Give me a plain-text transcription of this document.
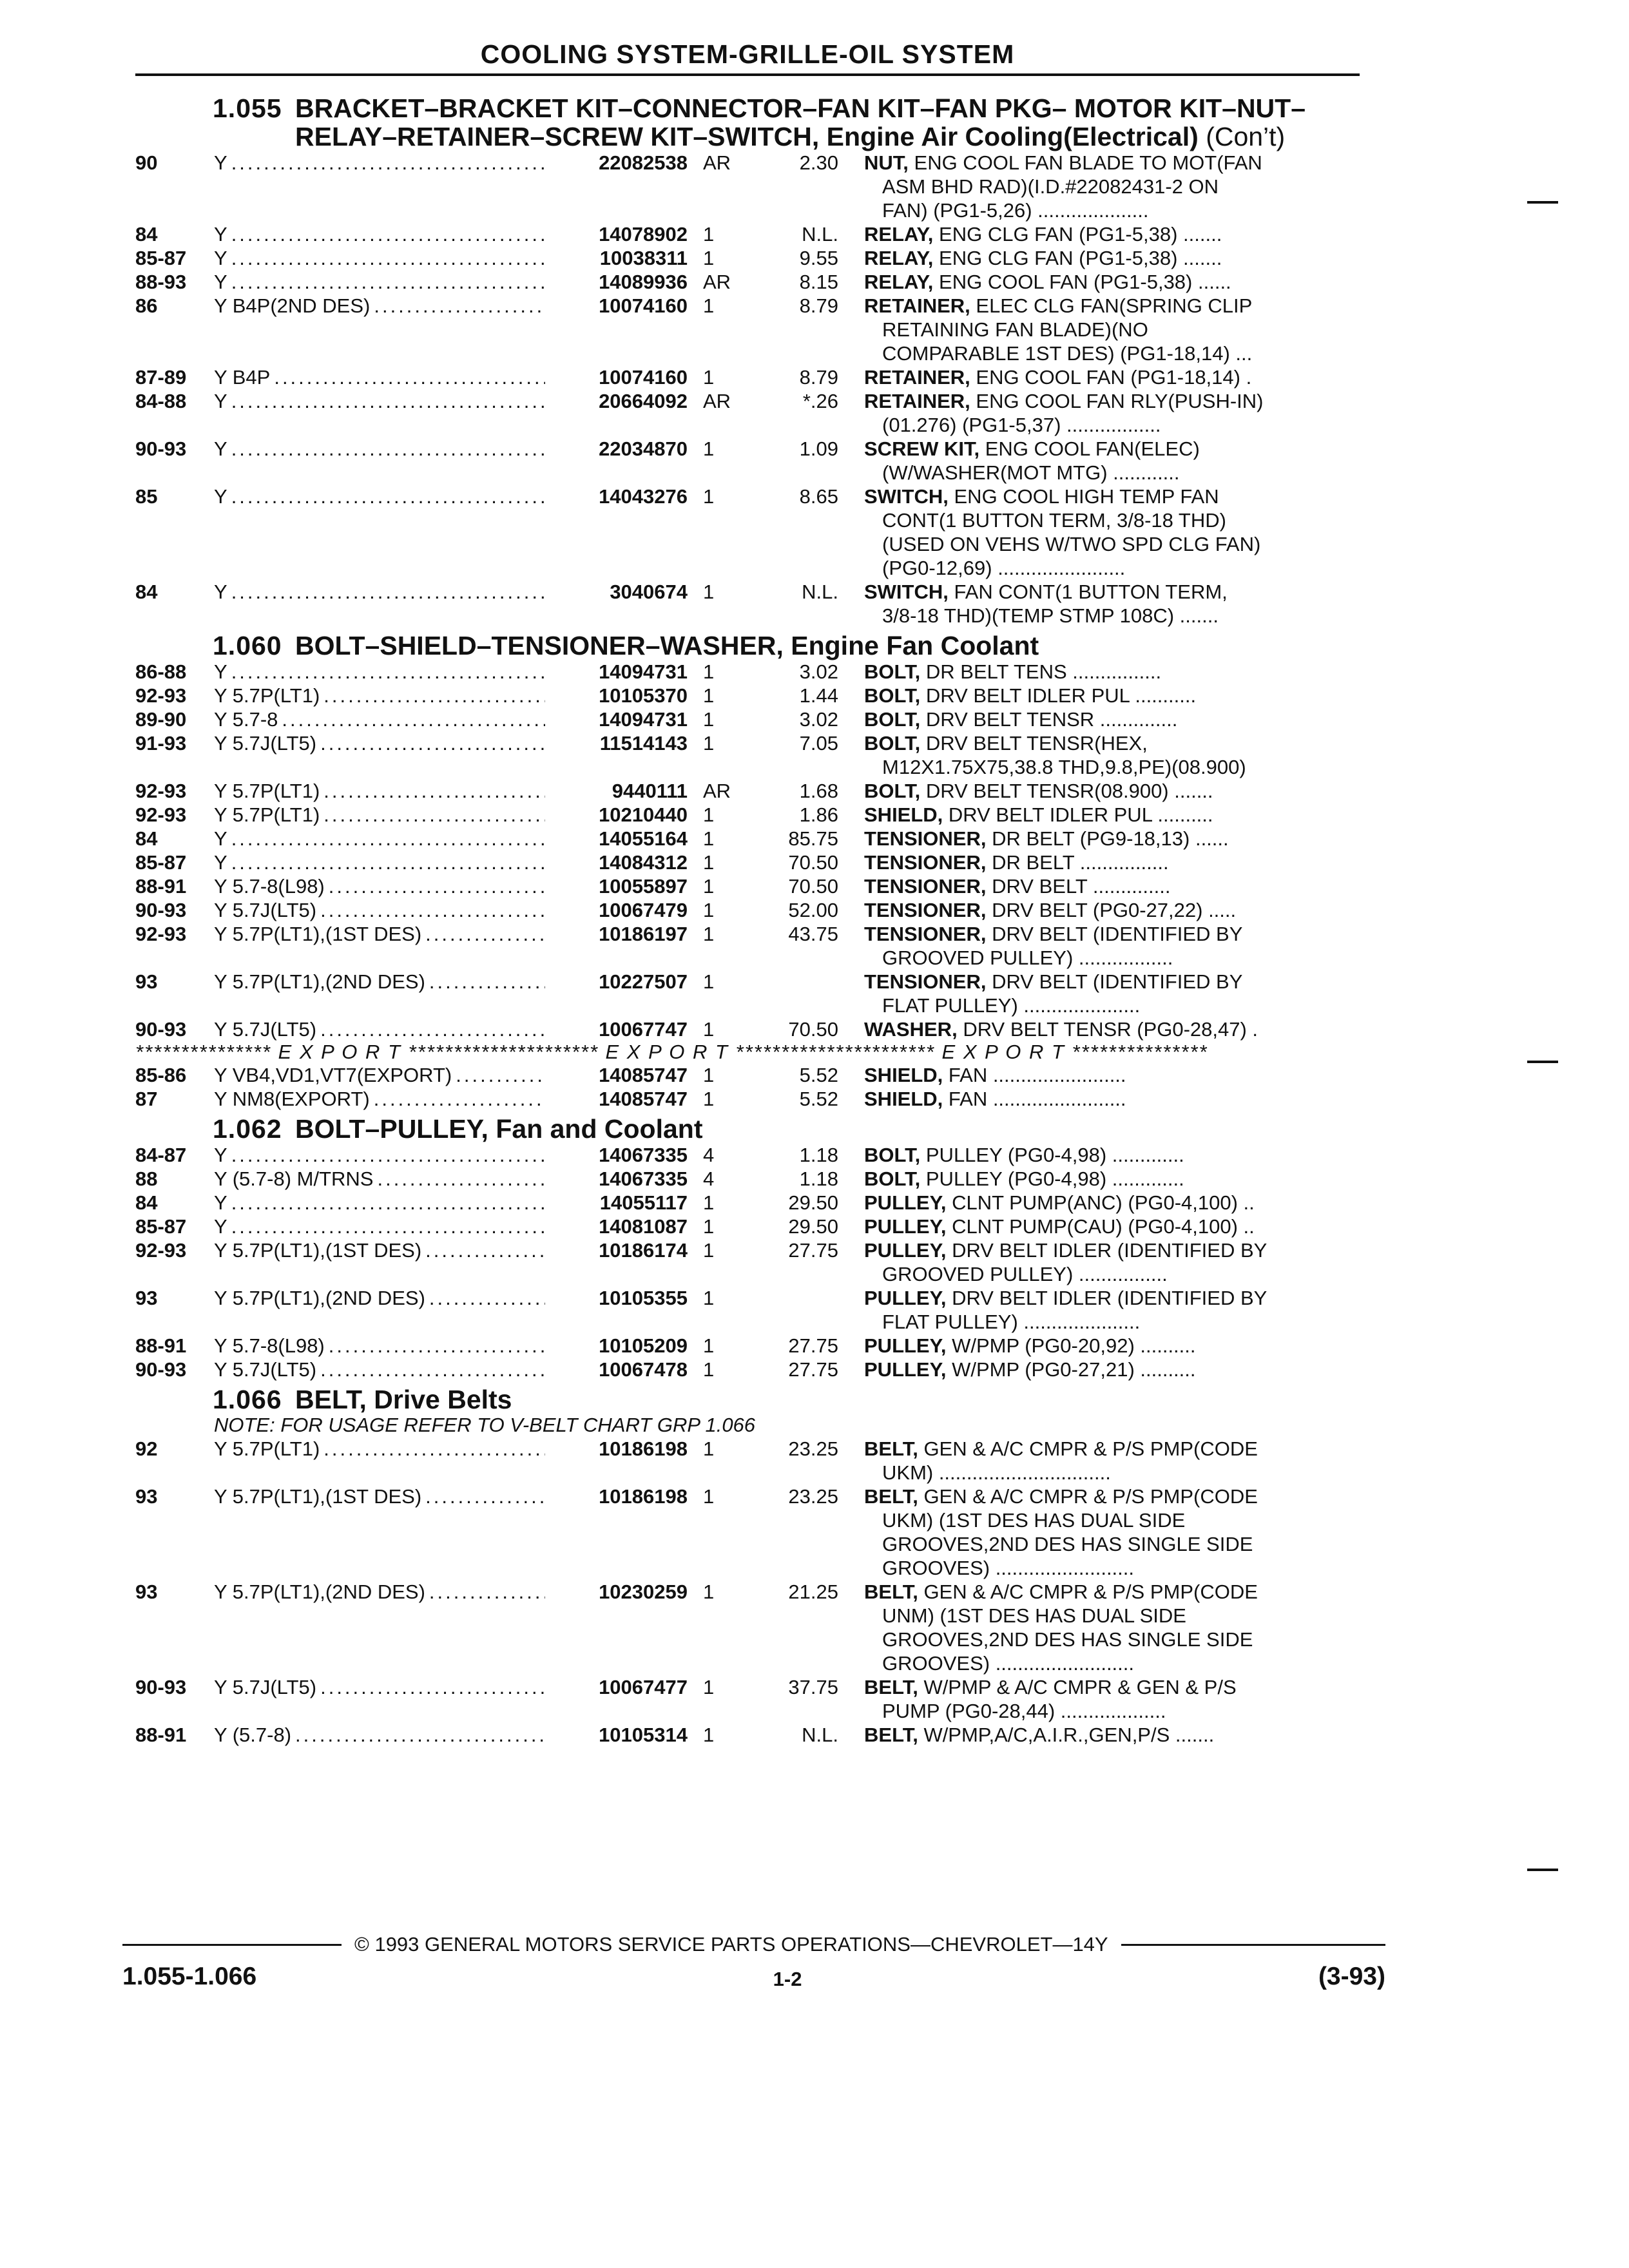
COOLING SYSTEM-GRILLE-OIL SYSTEM
1.055 BRACKET–BRACKET KIT–CONNECTOR–FAN KIT–FAN PKG– MOTOR KIT–NUT–RELAY–RETAINER–SCREW KIT–SWITCH, Engine Air Cooling(Electrical) (Con’t)
90	Y .....	22082538 AR	2.30 NUT, ENG COOL FAN BLADE TO MOT(FAN
ASM BHD RAD)(I.D.#22082431-2 ON
FAN) (PG1-5,26) ....................
84	Y .....	14078902 1	N.L. RELAY, ENG CLG FAN (PG1-5,38) .......
85-87	Y .....	10038311 1	9.55 RELAY, ENG CLG FAN (PG1-5,38) .......
88-93	Y .....	14089936 AR	8.15 RELAY, ENG COOL FAN (PG1-5,38) ......
86	Y B4P(2ND DES) .....	10074160 1	8.79 RETAINER, ELEC CLG FAN(SPRING CLIP
RETAINING FAN BLADE)(NO
COMPARABLE 1ST DES) (PG1-18,14) ...
87-89	Y B4P .....	10074160 1	8.79 RETAINER, ENG COOL FAN (PG1-18,14) .
84-88	Y .....	20664092 AR	*.26 RETAINER, ENG COOL FAN RLY(PUSH-IN)
(01.276) (PG1-5,37) .................
90-93	Y .....	22034870 1	1.09 SCREW KIT, ENG COOL FAN(ELEC)
(W/WASHER(MOT MTG) ............
85	Y .....	14043276 1	8.65 SWITCH, ENG COOL HIGH TEMP FAN
CONT(1 BUTTON TERM, 3/8-18 THD)
(USED ON VEHS W/TWO SPD CLG FAN)
(PG0-12,69) .......................
84	Y .....	3040674 1	N.L. SWITCH, FAN CONT(1 BUTTON TERM,
3/8-18 THD)(TEMP STMP 108C) .......
1.060 BOLT–SHIELD–TENSIONER–WASHER, Engine Fan Coolant
86-88	Y .....	14094731 1	3.02 BOLT, DR BELT TENS ................
92-93	Y 5.7P(LT1) .....	10105370 1	1.44 BOLT, DRV BELT IDLER PUL ...........
89-90	Y 5.7-8 .....	14094731 1	3.02 BOLT, DRV BELT TENSR ..............
91-93	Y 5.7J(LT5) .....	11514143 1	7.05 BOLT, DRV BELT TENSR(HEX,
M12X1.75X75,38.8 THD,9.8,PE)(08.900)
92-93	Y 5.7P(LT1) .....	9440111 AR	1.68 BOLT, DRV BELT TENSR(08.900) .......
92-93	Y 5.7P(LT1) .....	10210440 1	1.86 SHIELD, DRV BELT IDLER PUL ..........
84	Y .....	14055164 1	85.75 TENSIONER, DR BELT (PG9-18,13) ......
85-87	Y .....	14084312 1	70.50 TENSIONER, DR BELT ................
88-91	Y 5.7-8(L98) .....	10055897 1	70.50 TENSIONER, DRV BELT ..............
90-93	Y 5.7J(LT5) .....	10067479 1	52.00 TENSIONER, DRV BELT (PG0-27,22) .....
92-93	Y 5.7P(LT1),(1ST DES) .....	10186197 1	43.75 TENSIONER, DRV BELT (IDENTIFIED BY
GROOVED PULLEY) .................
93	Y 5.7P(LT1),(2ND DES) .....	10227507 1	TENSIONER, DRV BELT (IDENTIFIED BY
FLAT PULLEY) .....................
90-93	Y 5.7J(LT5) .....	10067747 1	70.50 WASHER, DRV BELT TENSR (PG0-28,47) .
*************** E X P O R T ********************* E X P O R T ********************** E X P O R T ***************
85-86	Y VB4,VD1,VT7(EXPORT) .....	14085747 1	5.52 SHIELD, FAN ........................
87	Y NM8(EXPORT) .....	14085747 1	5.52 SHIELD, FAN ........................
1.062 BOLT–PULLEY, Fan and Coolant
84-87	Y .....	14067335 4	1.18 BOLT, PULLEY (PG0-4,98) .............
88	Y (5.7-8) M/TRNS .....	14067335 4	1.18 BOLT, PULLEY (PG0-4,98) .............
84	Y .....	14055117 1	29.50 PULLEY, CLNT PUMP(ANC) (PG0-4,100) ..
85-87	Y .....	14081087 1	29.50 PULLEY, CLNT PUMP(CAU) (PG0-4,100) ..
92-93	Y 5.7P(LT1),(1ST DES) .....	10186174 1	27.75 PULLEY, DRV BELT IDLER (IDENTIFIED BY
GROOVED PULLEY) ................
93	Y 5.7P(LT1),(2ND DES) .....	10105355 1	PULLEY, DRV BELT IDLER (IDENTIFIED BY
FLAT PULLEY) .....................
88-91	Y 5.7-8(L98) .....	10105209 1	27.75 PULLEY, W/PMP (PG0-20,92) ..........
90-93	Y 5.7J(LT5) .....	10067478 1	27.75 PULLEY, W/PMP (PG0-27,21) ..........
1.066 BELT, Drive Belts
NOTE: FOR USAGE REFER TO V-BELT CHART GRP 1.066
92	Y 5.7P(LT1) .....	10186198 1	23.25 BELT, GEN & A/C CMPR & P/S PMP(CODE
UKM) ...............................
93	Y 5.7P(LT1),(1ST DES) .....	10186198 1	23.25 BELT, GEN & A/C CMPR & P/S PMP(CODE
UKM) (1ST DES HAS DUAL SIDE
GROOVES,2ND DES HAS SINGLE SIDE
GROOVES) .........................
93	Y 5.7P(LT1),(2ND DES) .....	10230259 1	21.25 BELT, GEN & A/C CMPR & P/S PMP(CODE
UNM) (1ST DES HAS DUAL SIDE
GROOVES,2ND DES HAS SINGLE SIDE
GROOVES) .........................
90-93	Y 5.7J(LT5) .....	10067477 1	37.75 BELT, W/PMP & A/C CMPR & GEN & P/S
PUMP (PG0-28,44) ...................
88-91	Y (5.7-8) .....	10105314 1	N.L. BELT, W/PMP,A/C,A.I.R.,GEN,P/S .......
© 1993 GENERAL MOTORS SERVICE PARTS OPERATIONS—CHEVROLET—14Y
1.055-1.066	1-2	(3-93)
